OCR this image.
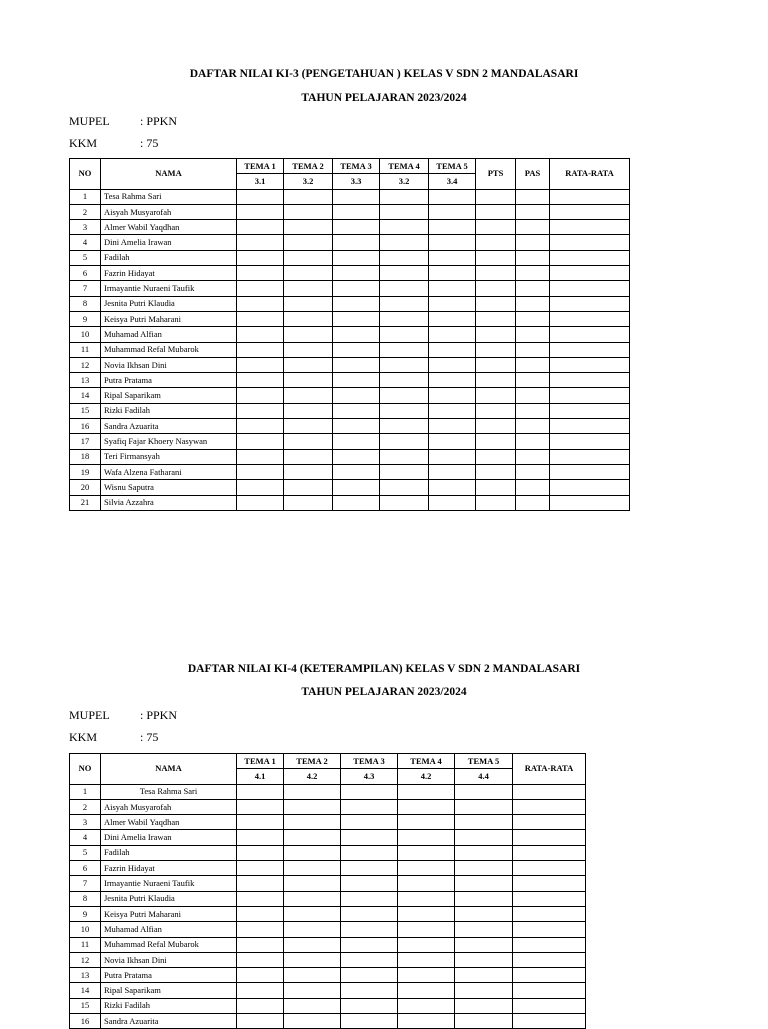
DAFTAR NILAI KI-3 (PENGETAHUAN ) KELAS V SDN 2 MANDALASARI
TAHUN PELAJARAN 2023/2024
MUPEL	: PPKN
KKM	: 75
NO	NAMA	TEMA 1	TEMA 2	TEMA 3	TEMA 4	TEMA 5	PTS	PAS	RATA-RATA
		3.1	3.2	3.3	3.2	3.4			
1	Tesa Rahma Sari								
2	Aisyah Musyarofah								
3	Almer Wabil Yaqdhan								
4	Dini Amelia Irawan								
5	Fadilah								
6	Fazrin Hidayat								
7	Irmayantie Nuraeni Taufik								
8	Jesnita Putri Klaudia								
9	Keisya Putri Maharani								
10	Muhamad Alfian								
11	Muhammad Refal Mubarok								
12	Novia Ikhsan Dini								
13	Putra Pratama								
14	Ripal Saparikam								
15	Rizki Fadilah								
16	Sandra Azuarita								
17	Syafiq Fajar Khoery Nasywan								
18	Teri Firmansyah								
19	Wafa Alzena Fatharani								
20	Wisnu Saputra								
21	Silvia Azzahra								
DAFTAR NILAI KI-4 (KETERAMPILAN) KELAS V SDN 2 MANDALASARI
TAHUN PELAJARAN 2023/2024
MUPEL	: PPKN
KKM	: 75
NO	NAMA	TEMA 1	TEMA 2	TEMA 3	TEMA 4	TEMA 5	RATA-RATA
		4.1	4.2	4.3	4.2	4.4	
1	Tesa Rahma Sari						
2	Aisyah Musyarofah						
3	Almer Wabil Yaqdhan						
4	Dini Amelia Irawan						
5	Fadilah						
6	Fazrin Hidayat						
7	Irmayantie Nuraeni Taufik						
8	Jesnita Putri Klaudia						
9	Keisya Putri Maharani						
10	Muhamad Alfian						
11	Muhammad Refal Mubarok						
12	Novia Ikhsan Dini						
13	Putra Pratama						
14	Ripal Saparikam						
15	Rizki Fadilah						
16	Sandra Azuarita						
